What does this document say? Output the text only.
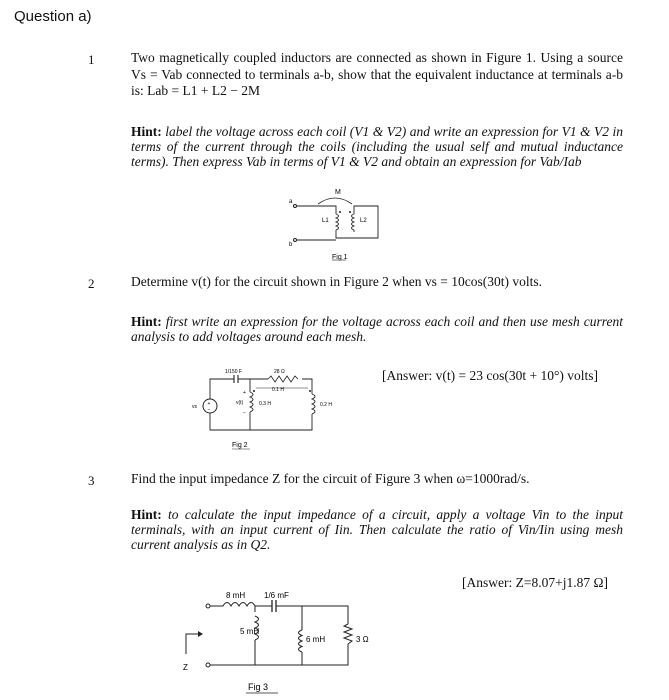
Question a)
1	Two magnetically coupled inductors are connected as shown in Figure 1. Using a source Vs = Vab connected to terminals a-b, show that the equivalent inductance at terminals a-b is: Lab = L1 + L2 − 2M
Hint: label the voltage across each coil (V1 & V2) and write an expression for V1 & V2 in terms of the current through the coils (including the usual self and mutual inductance terms). Then express Vab in terms of V1 & V2 and obtain an expression for Vab/Iab
M
a
b
L1	L2
Fig 1
2	Determine v(t) for the circuit shown in Figure 2 when vs = 10cos(30t) volts.
Hint: first write an expression for the voltage across each coil and then use mesh current analysis to add voltages around each mesh.
[Answer: v(t) = 23 cos(30t + 10°) volts]
1/150 F	28 Ω
+
−
vs
0.1 H
0.3 H	0.2 H
+
v(t)
−
Fig 2
3	Find the input impedance Z for the circuit of Figure 3 when ω=1000rad/s.
Hint: to calculate the input impedance of a circuit, apply a voltage Vin to the input terminals, with an input current of Iin. Then calculate the ratio of Vin/Iin using mesh current analysis as in Q2.
[Answer: Z=8.07+j1.87 Ω]
8 mH 1/6 mF
5 mH
6 mH	3 Ω
Z
Fig 3
